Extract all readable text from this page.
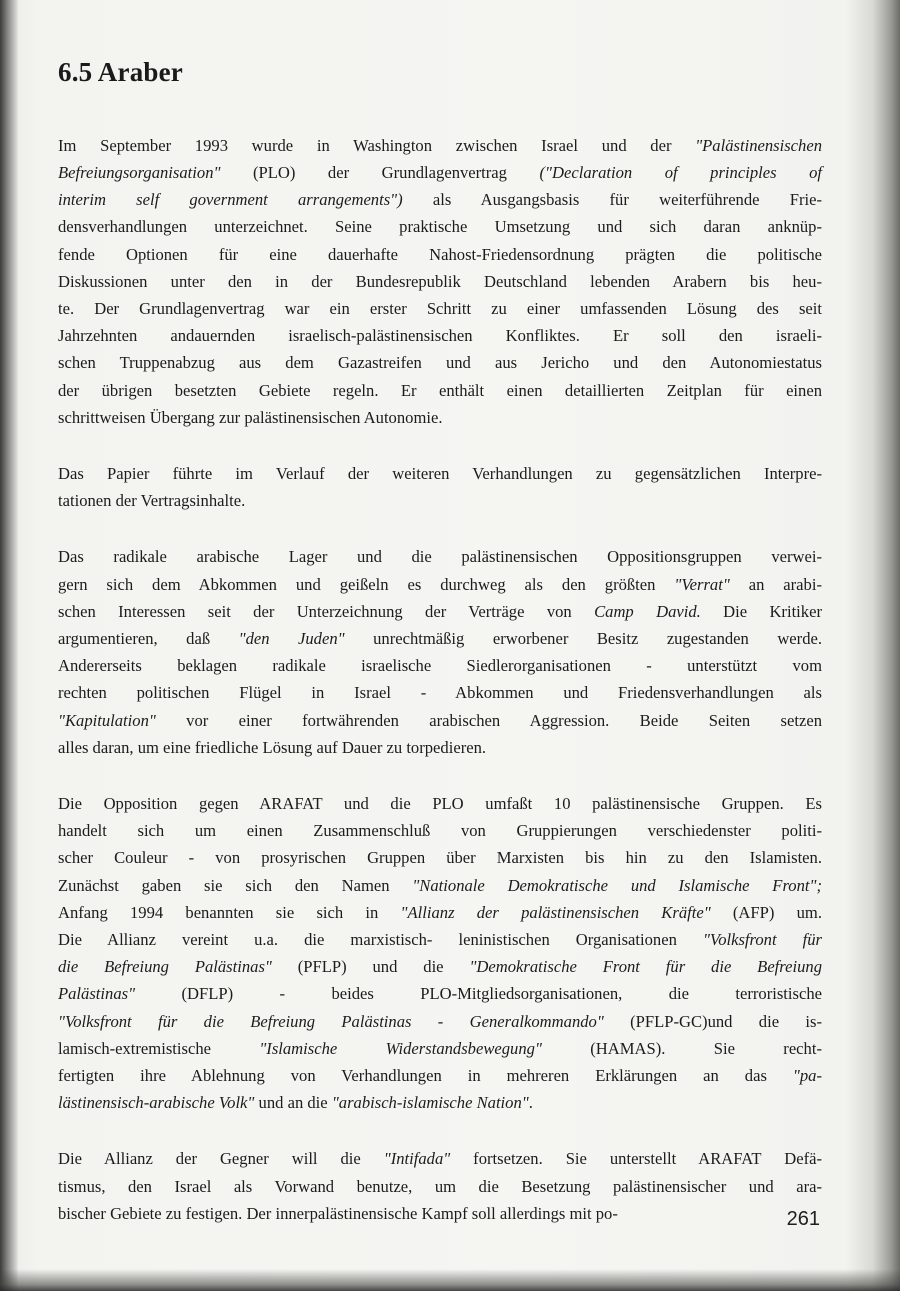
6.5 Araber

Im September 1993 wurde in Washington zwischen Israel und der "Palästinensischen
Befreiungsorganisation" (PLO) der Grundlagenvertrag ("Declaration of principles of
interim self government arrangements") als Ausgangsbasis für weiterführende Frie-
densverhandlungen unterzeichnet. Seine praktische Umsetzung und sich daran anknüp-
fende Optionen für eine dauerhafte Nahost-Friedensordnung prägten die politische
Diskussionen unter den in der Bundesrepublik Deutschland lebenden Arabern bis heu-
te. Der Grundlagenvertrag war ein erster Schritt zu einer umfassenden Lösung des seit
Jahrzehnten andauernden israelisch-palästinensischen Konfliktes. Er soll den israeli-
schen Truppenabzug aus dem Gazastreifen und aus Jericho und den Autonomiestatus
der übrigen besetzten Gebiete regeln. Er enthält einen detaillierten Zeitplan für einen
schrittweisen Übergang zur palästinensischen Autonomie.

Das Papier führte im Verlauf der weiteren Verhandlungen zu gegensätzlichen Interpre-
tationen der Vertragsinhalte.

Das radikale arabische Lager und die palästinensischen Oppositionsgruppen verwei-
gern sich dem Abkommen und geißeln es durchweg als den größten "Verrat" an arabi-
schen Interessen seit der Unterzeichnung der Verträge von Camp David. Die Kritiker
argumentieren, daß "den Juden" unrechtmäßig erworbener Besitz zugestanden werde.
Andererseits beklagen radikale israelische Siedlerorganisationen - unterstützt vom
rechten politischen Flügel in Israel - Abkommen und Friedensverhandlungen als
"Kapitulation" vor einer fortwährenden arabischen Aggression. Beide Seiten setzen
alles daran, um eine friedliche Lösung auf Dauer zu torpedieren.

Die Opposition gegen ARAFAT und die PLO umfaßt 10 palästinensische Gruppen. Es
handelt sich um einen Zusammenschluß von Gruppierungen verschiedenster politi-
scher Couleur - von prosyrischen Gruppen über Marxisten bis hin zu den Islamisten.
Zunächst gaben sie sich den Namen "Nationale Demokratische und Islamische Front";
Anfang 1994 benannten sie sich in "Allianz der palästinensischen Kräfte" (AFP) um.
Die Allianz vereint u.a. die marxistisch- leninistischen Organisationen "Volksfront für
die Befreiung Palästinas" (PFLP) und die "Demokratische Front für die Befreiung
Palästinas" (DFLP) - beides PLO-Mitgliedsorganisationen, die terroristische
"Volksfront für die Befreiung Palästinas - Generalkommando" (PFLP-GC)und die is-
lamisch-extremistische "Islamische Widerstandsbewegung" (HAMAS). Sie recht-
fertigten ihre Ablehnung von Verhandlungen in mehreren Erklärungen an das "pa-
lästinensisch-arabische Volk" und an die "arabisch-islamische Nation".

Die Allianz der Gegner will die "Intifada" fortsetzen. Sie unterstellt ARAFAT Defä-
tismus, den Israel als Vorwand benutze, um die Besetzung palästinensischer und ara-
bischer Gebiete zu festigen. Der innerpalästinensische Kampf soll allerdings mit po-	261
